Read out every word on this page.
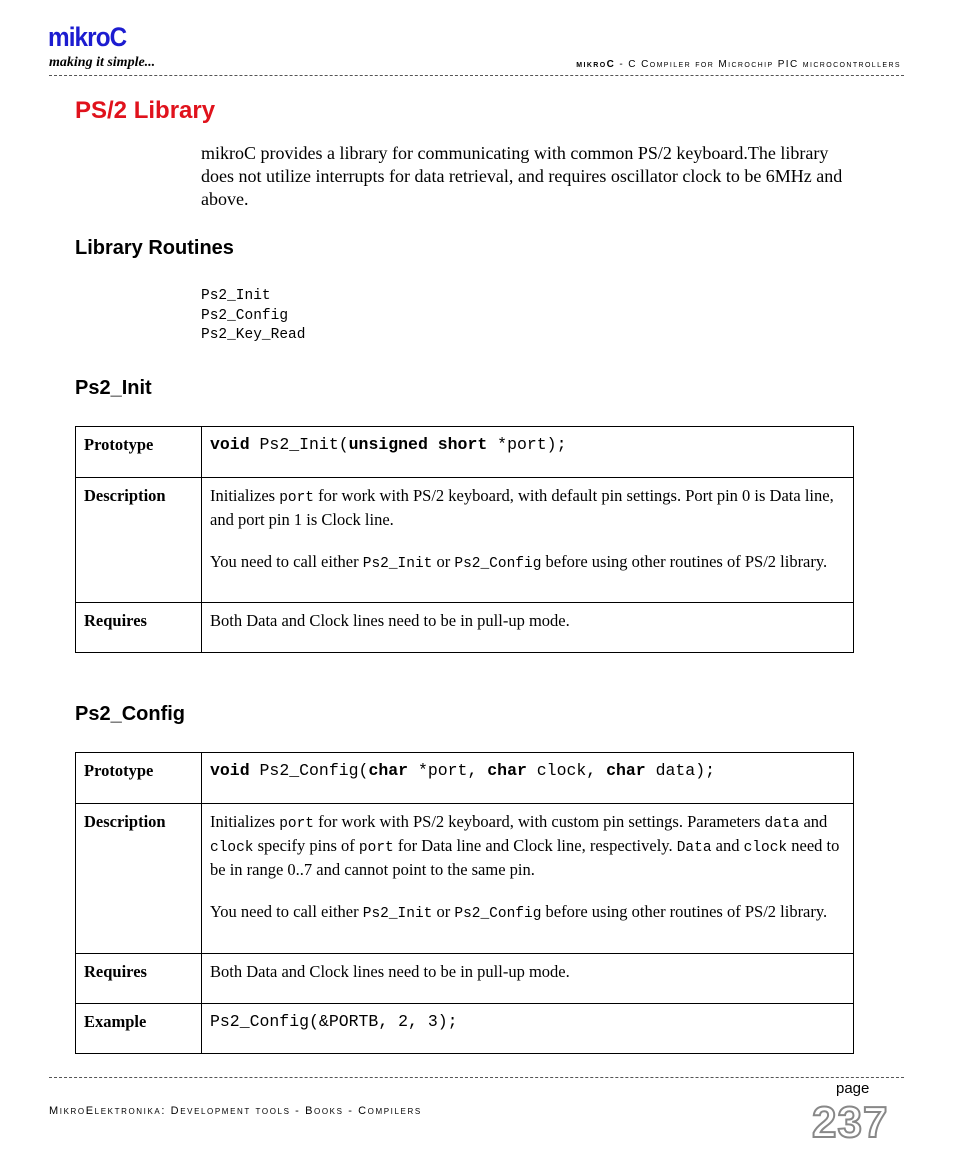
mikroC
making it simple...	mikroC - C Compiler for Microchip PIC microcontrollers
PS/2 Library
mikroC provides a library for communicating with common PS/2 keyboard.The library does not utilize interrupts for data retrieval, and requires oscillator clock to be 6MHz and above.
Library Routines
Ps2_Init
Ps2_Config
Ps2_Key_Read
Ps2_Init
Prototype	void Ps2_Init(unsigned short *port);
Description	Initializes port for work with PS/2 keyboard, with default pin settings. Port pin 0 is Data line, and port pin 1 is Clock line.
You need to call either Ps2_Init or Ps2_Config before using other routines of PS/2 library.

Requires	Both Data and Clock lines need to be in pull-up mode.
Ps2_Config
Prototype	void Ps2_Config(char *port, char clock, char data);
Description	Initializes port for work with PS/2 keyboard, with custom pin settings. Parameters data and clock specify pins of port for Data line and Clock line, respectively. Data and clock need to be in range 0..7 and cannot point to the same pin.
You need to call either Ps2_Init or Ps2_Config before using other routines of PS/2 library.

Requires	Both Data and Clock lines need to be in pull-up mode.
Example	Ps2_Config(&PORTB, 2, 3);
page
MikroElektronika: Development tools - Books - Compilers	237
